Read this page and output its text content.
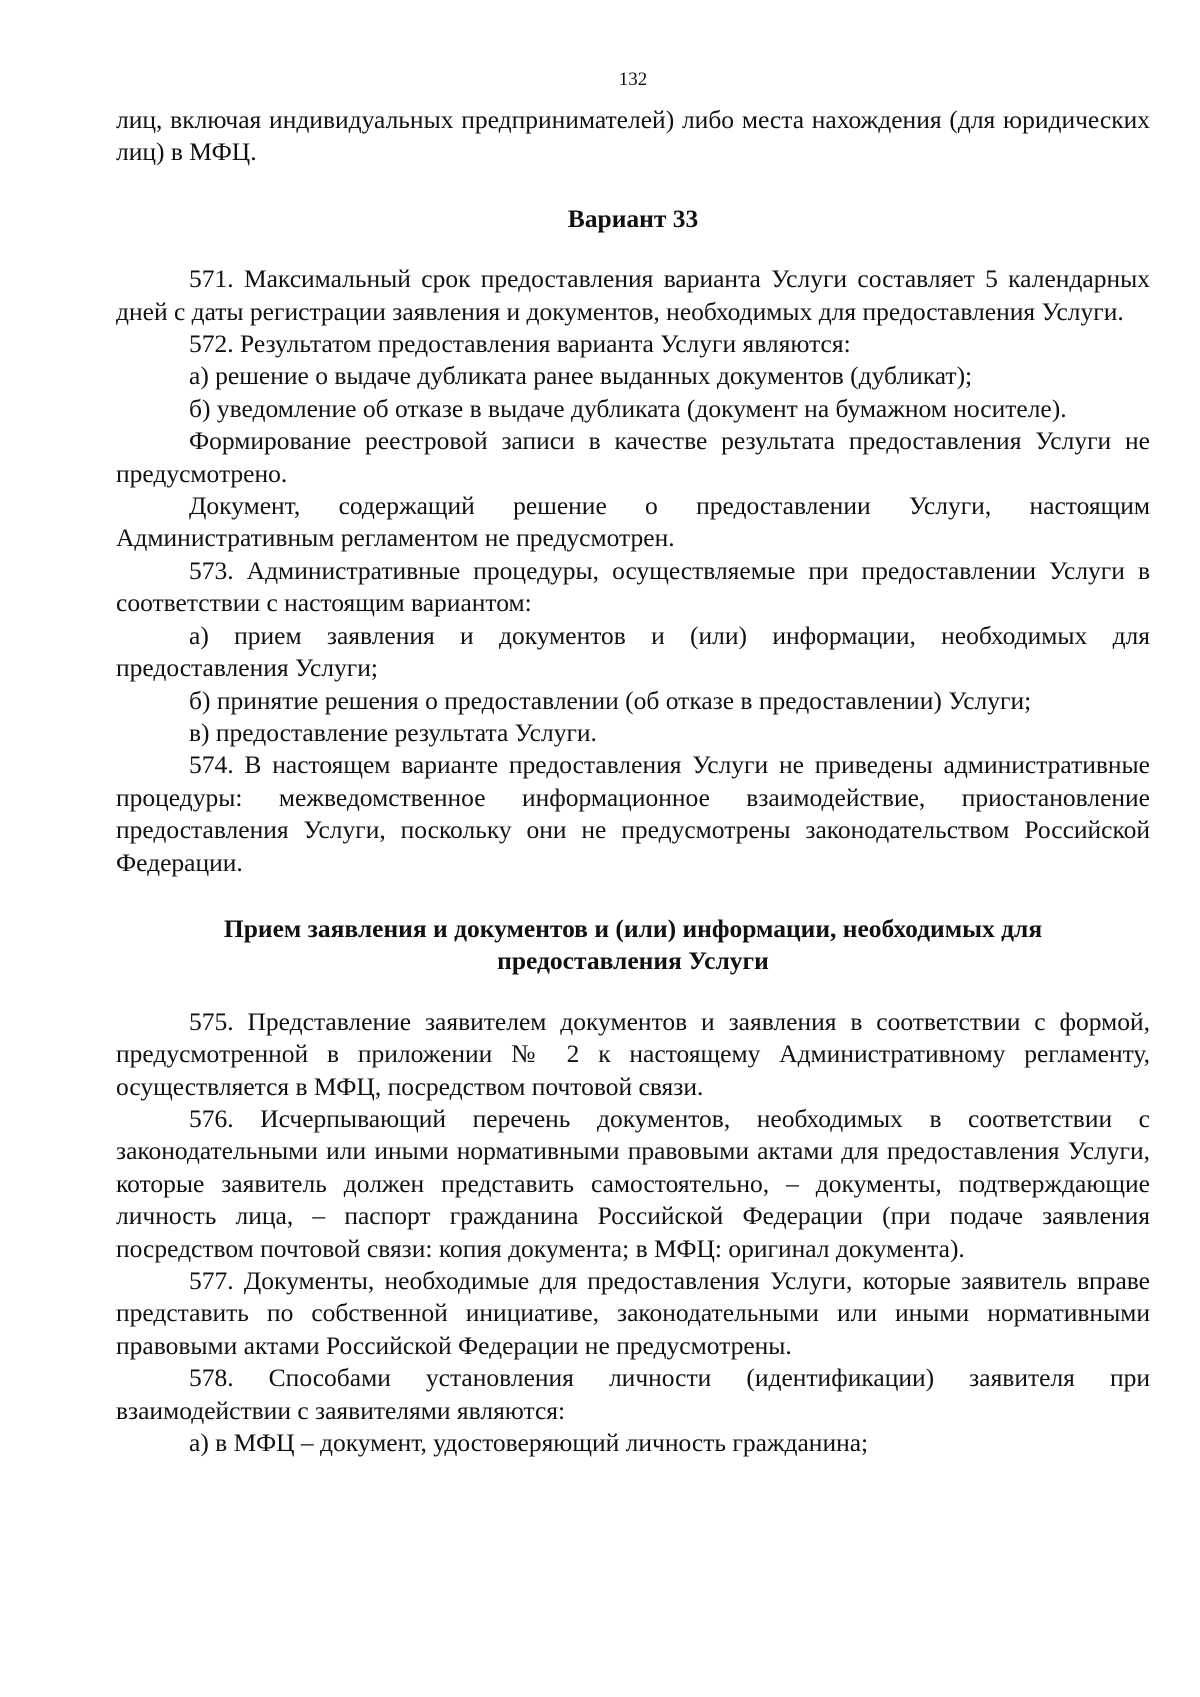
132

лиц, включая индивидуальных предпринимателей) либо места нахождения (для юридических лиц) в МФЦ.

Вариант 33

571. Максимальный срок предоставления варианта Услуги составляет 5 календарных дней с даты регистрации заявления и документов, необходимых для предоставления Услуги.

572. Результатом предоставления варианта Услуги являются:

а) решение о выдаче дубликата ранее выданных документов (дубликат);

б) уведомление об отказе в выдаче дубликата (документ на бумажном носителе).

Формирование реестровой записи в качестве результата предоставления Услуги не предусмотрено.

Документ, содержащий решение о предоставлении Услуги, настоящим Административным регламентом не предусмотрен.

573. Административные процедуры, осуществляемые при предоставлении Услуги в соответствии с настоящим вариантом:

а) прием заявления и документов и (или) информации, необходимых для предоставления Услуги;

б) принятие решения о предоставлении (об отказе в предоставлении) Услуги;

в) предоставление результата Услуги.

574. В настоящем варианте предоставления Услуги не приведены административные процедуры: межведомственное информационное взаимодействие, приостановление предоставления Услуги, поскольку они не предусмотрены законодательством Российской Федерации.

Прием заявления и документов и (или) информации, необходимых для
предоставления Услуги

575. Представление заявителем документов и заявления в соответствии с формой, предусмотренной в приложении № 2 к настоящему Административному регламенту, осуществляется в МФЦ, посредством почтовой связи.

576. Исчерпывающий перечень документов, необходимых в соответствии с законодательными или иными нормативными правовыми актами для предоставления Услуги, которые заявитель должен представить самостоятельно, – документы, подтверждающие личность лица, – паспорт гражданина Российской Федерации (при подаче заявления посредством почтовой связи: копия документа; в МФЦ: оригинал документа).

577. Документы, необходимые для предоставления Услуги, которые заявитель вправе представить по собственной инициативе, законодательными или иными нормативными правовыми актами Российской Федерации не предусмотрены.

578. Способами установления личности (идентификации) заявителя при взаимодействии с заявителями являются:

а) в МФЦ – документ, удостоверяющий личность гражданина;
